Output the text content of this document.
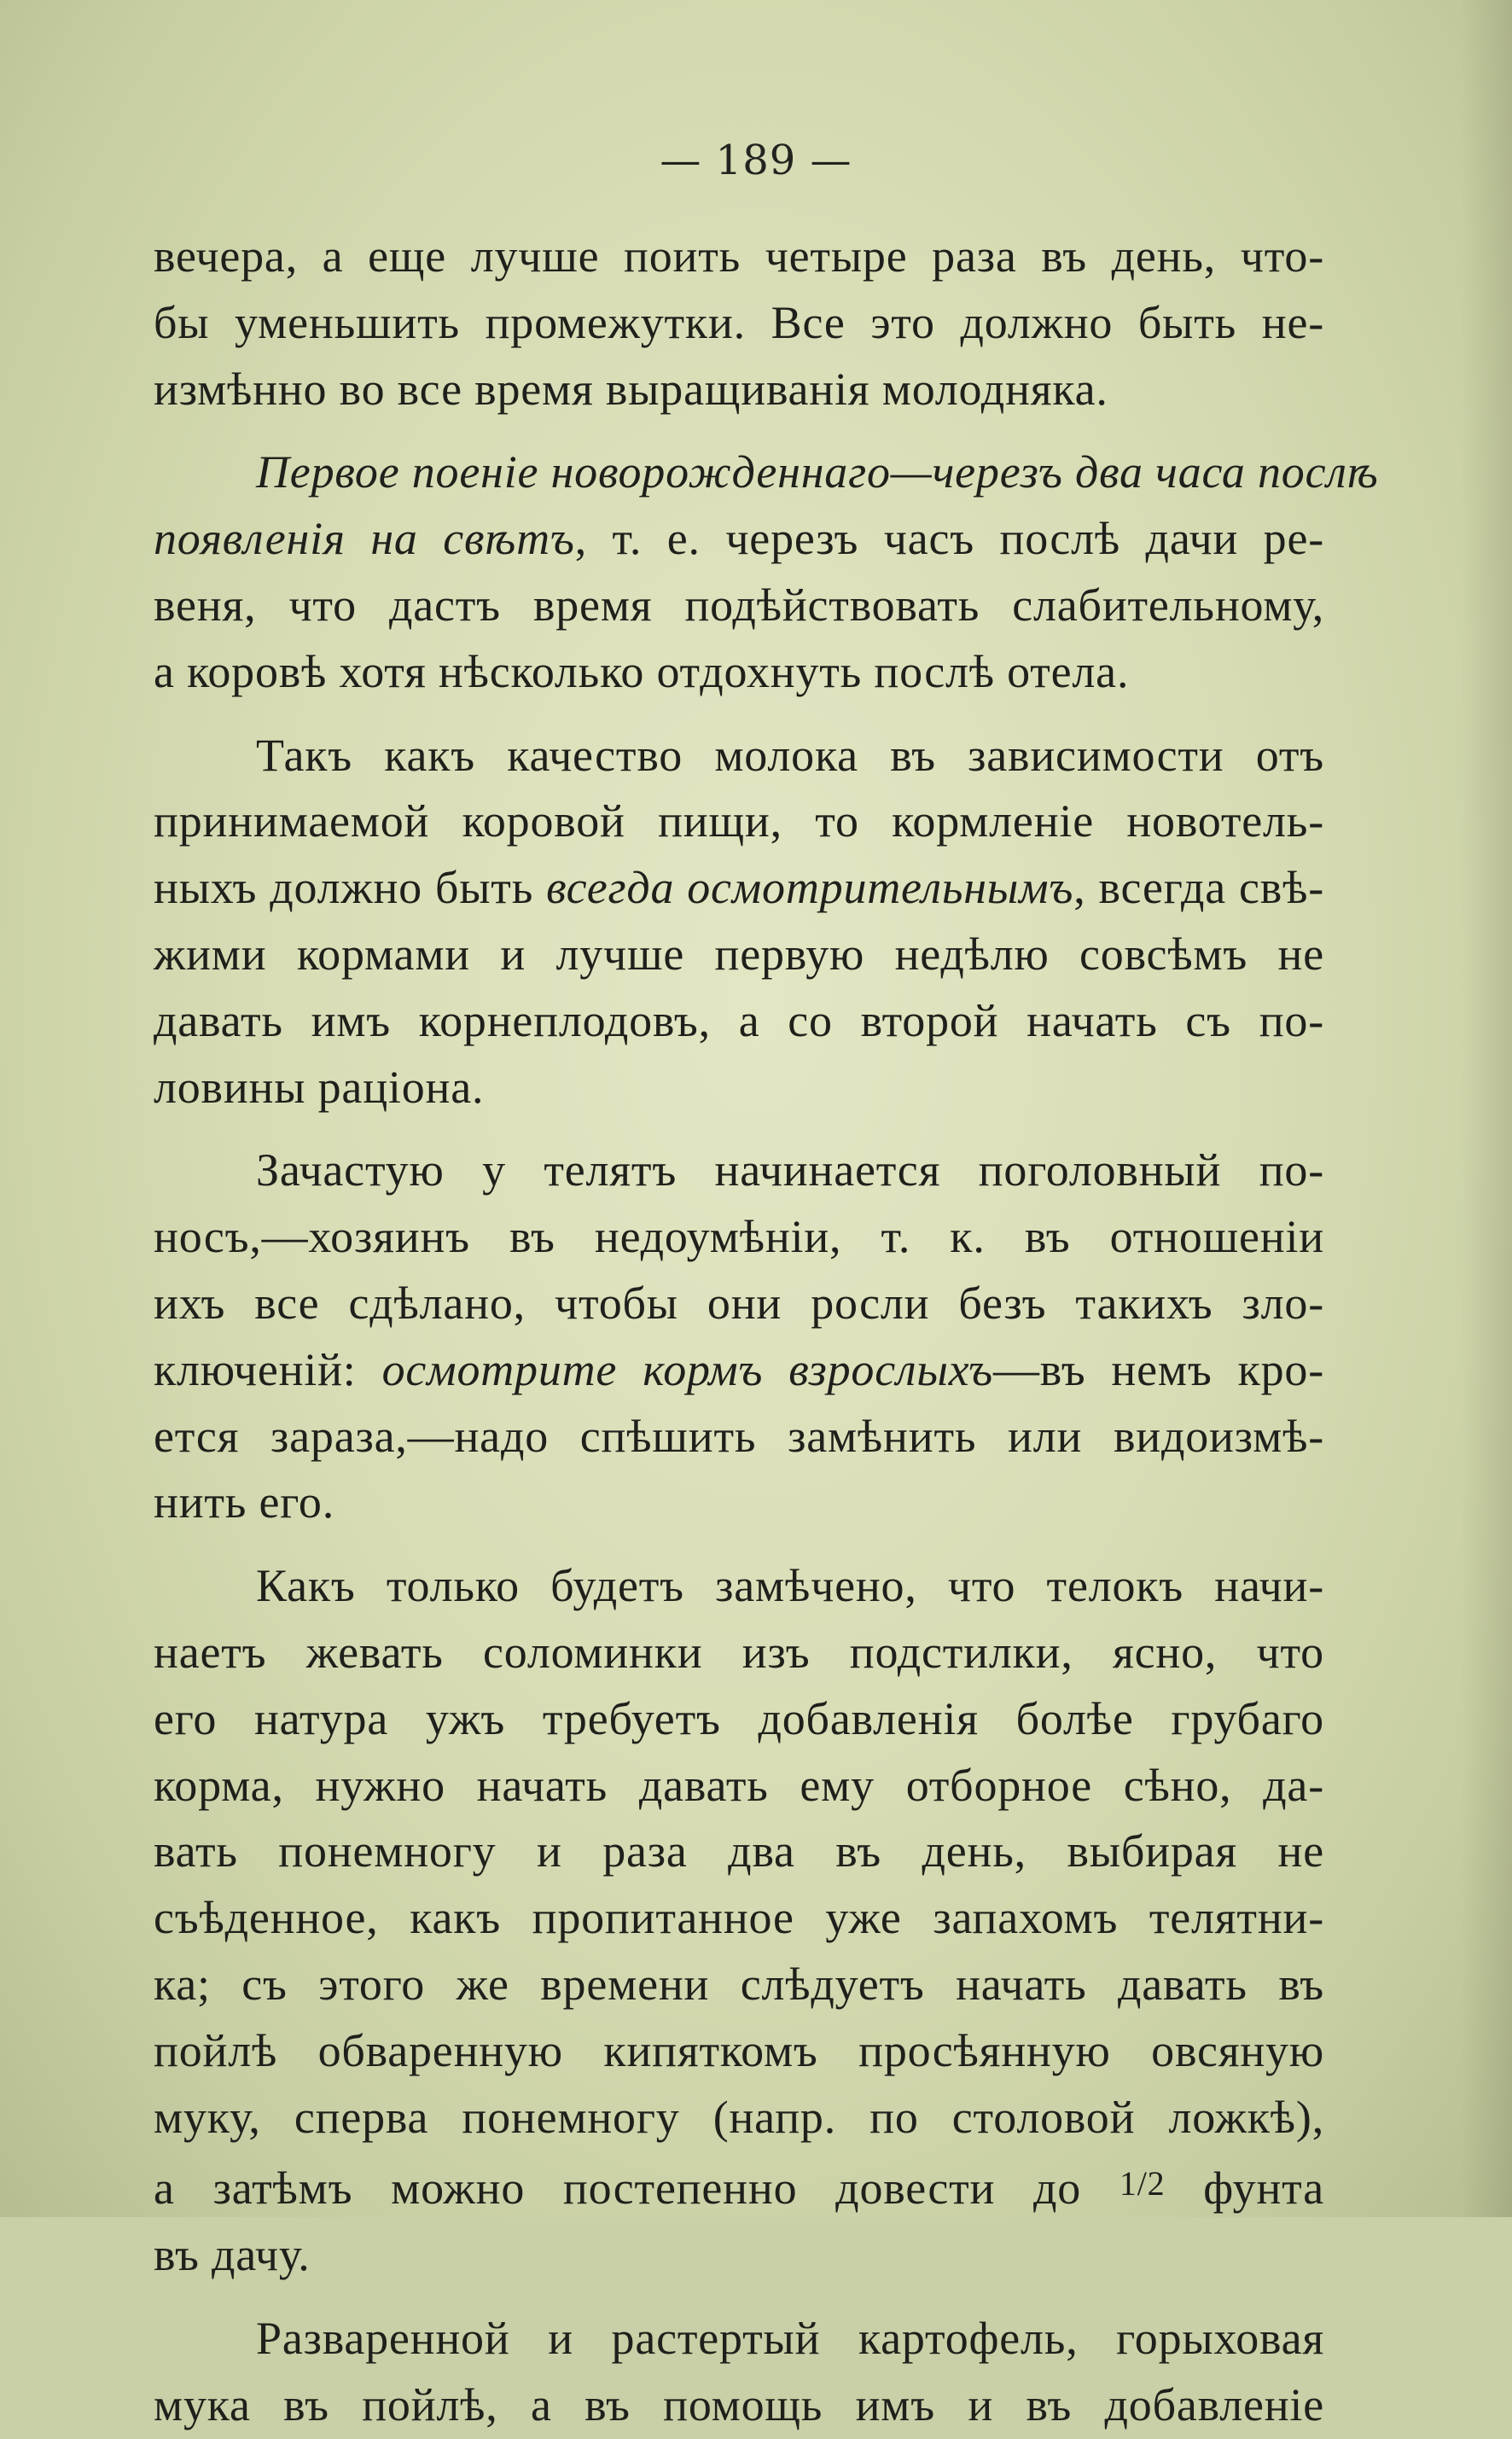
— 189 —
вечера, а еще лучше поить четыре раза въ день, что-
бы уменьшить промежутки. Все это должно быть не-
измѣнно во все время выращиванія молодняка.
Первое поеніе новорожденнаго—черезъ два часа послѣ
появленія на свѣтъ, т. е. черезъ часъ послѣ дачи ре-
веня, что дастъ время подѣйствовать слабительному,
а коровѣ хотя нѣсколько отдохнуть послѣ отела.
Такъ какъ качество молока въ зависимости отъ
принимаемой коровой пищи, то кормленіе новотель-
ныхъ должно быть всегда осмотрительнымъ, всегда свѣ-
жими кормами и лучше первую недѣлю совсѣмъ не
давать имъ корнеплодовъ, а со второй начать съ по-
ловины раціона.
Зачастую у телятъ начинается поголовный по-
носъ,—хозяинъ въ недоумѣніи, т. к. въ отношеніи
ихъ все сдѣлано, чтобы они росли безъ такихъ зло-
ключеній: осмотрите кормъ взрослыхъ—въ немъ кро-
ется зараза,—надо спѣшить замѣнить или видоизмѣ-
нить его.
Какъ только будетъ замѣчено, что телокъ начи-
наетъ жевать соломинки изъ подстилки, ясно, что
его натура ужъ требуетъ добавленія болѣе грубаго
корма, нужно начать давать ему отборное сѣно, да-
вать понемногу и раза два въ день, выбирая не
съѣденное, какъ пропитанное уже запахомъ телятни-
ка; съ этого же времени слѣдуетъ начать давать въ
пойлѣ обваренную кипяткомъ просѣянную овсяную
муку, сперва понемногу (напр. по столовой ложкѣ),
а затѣмъ можно постепенно довести до 1/2 фунта
въ дачу.
Разваренной и растертый картофель, горыховая
мука въ пойлѣ, а въ помощь имъ и въ добавленіе
